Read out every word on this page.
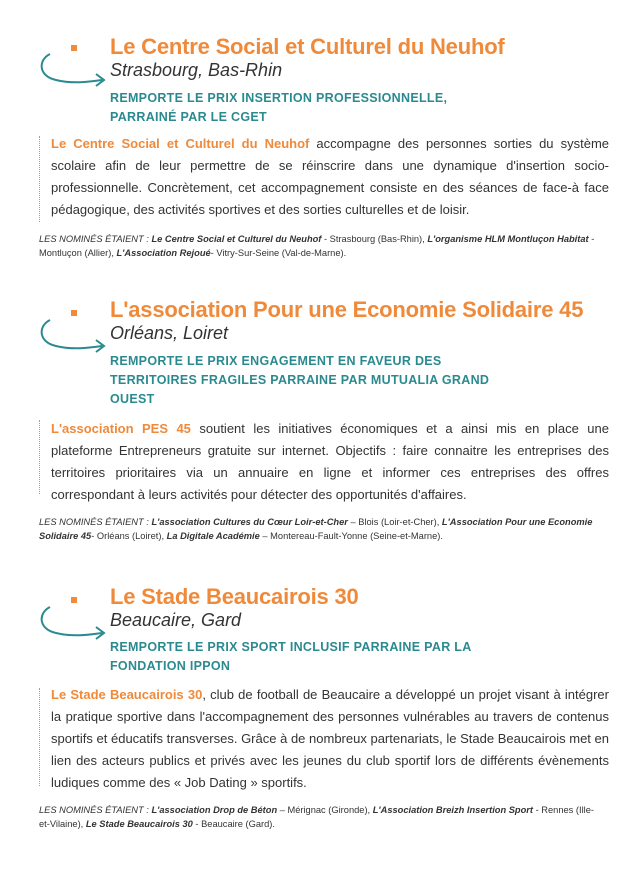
Le Centre Social et Culturel du Neuhof
Strasbourg, Bas-Rhin
REMPORTE LE PRIX INSERTION PROFESSIONNELLE,
PARRAINÉ PAR LE CGET
Le Centre Social et Culturel du Neuhof accompagne des personnes sorties du système scolaire afin de leur permettre de se réinscrire dans une dynamique d'insertion socio-professionnelle. Concrètement, cet accompagnement consiste en des séances de face-à face pédagogique, des activités sportives et des sorties culturelles et de loisir.
LES NOMINÉS ÉTAIENT : Le Centre Social et Culturel du Neuhof - Strasbourg (Bas-Rhin), L'organisme HLM Montluçon Habitat - Montluçon (Allier), L'Association Rejoué- Vitry-Sur-Seine (Val-de-Marne).
L'association Pour une Economie Solidaire 45
Orléans, Loiret
REMPORTE LE PRIX ENGAGEMENT EN FAVEUR DES
TERRITOIRES FRAGILES PARRAINE PAR MUTUALIA GRAND
OUEST
L'association PES 45 soutient les initiatives économiques et a ainsi mis en place une plateforme Entrepreneurs gratuite sur internet. Objectifs : faire connaitre les entreprises des territoires prioritaires via un annuaire en ligne et informer ces entreprises des offres correspondant à leurs activités pour détecter des opportunités d'affaires.
LES NOMINÉS ÉTAIENT : L'association Cultures du Cœur Loir-et-Cher – Blois (Loir-et-Cher), L'Association Pour une Economie Solidaire 45- Orléans (Loiret), La Digitale Académie – Montereau-Fault-Yonne (Seine-et-Marne).
Le Stade Beaucairois 30
Beaucaire, Gard
REMPORTE LE PRIX SPORT INCLUSIF PARRAINE PAR LA
FONDATION IPPON
Le Stade Beaucairois 30, club de football de Beaucaire a développé un projet visant à intégrer la pratique sportive dans l'accompagnement des personnes vulnérables au travers de contenus sportifs et éducatifs transverses. Grâce à de nombreux partenariats, le Stade Beaucairois met en lien des acteurs publics et privés avec les jeunes du club sportif lors de différents évènements ludiques comme des « Job Dating » sportifs.
LES NOMINÉS ÉTAIENT : L'association Drop de Béton – Mérignac (Gironde), L'Association Breizh Insertion Sport - Rennes (Ille-et-Vilaine), Le Stade Beaucairois 30 - Beaucaire (Gard).
